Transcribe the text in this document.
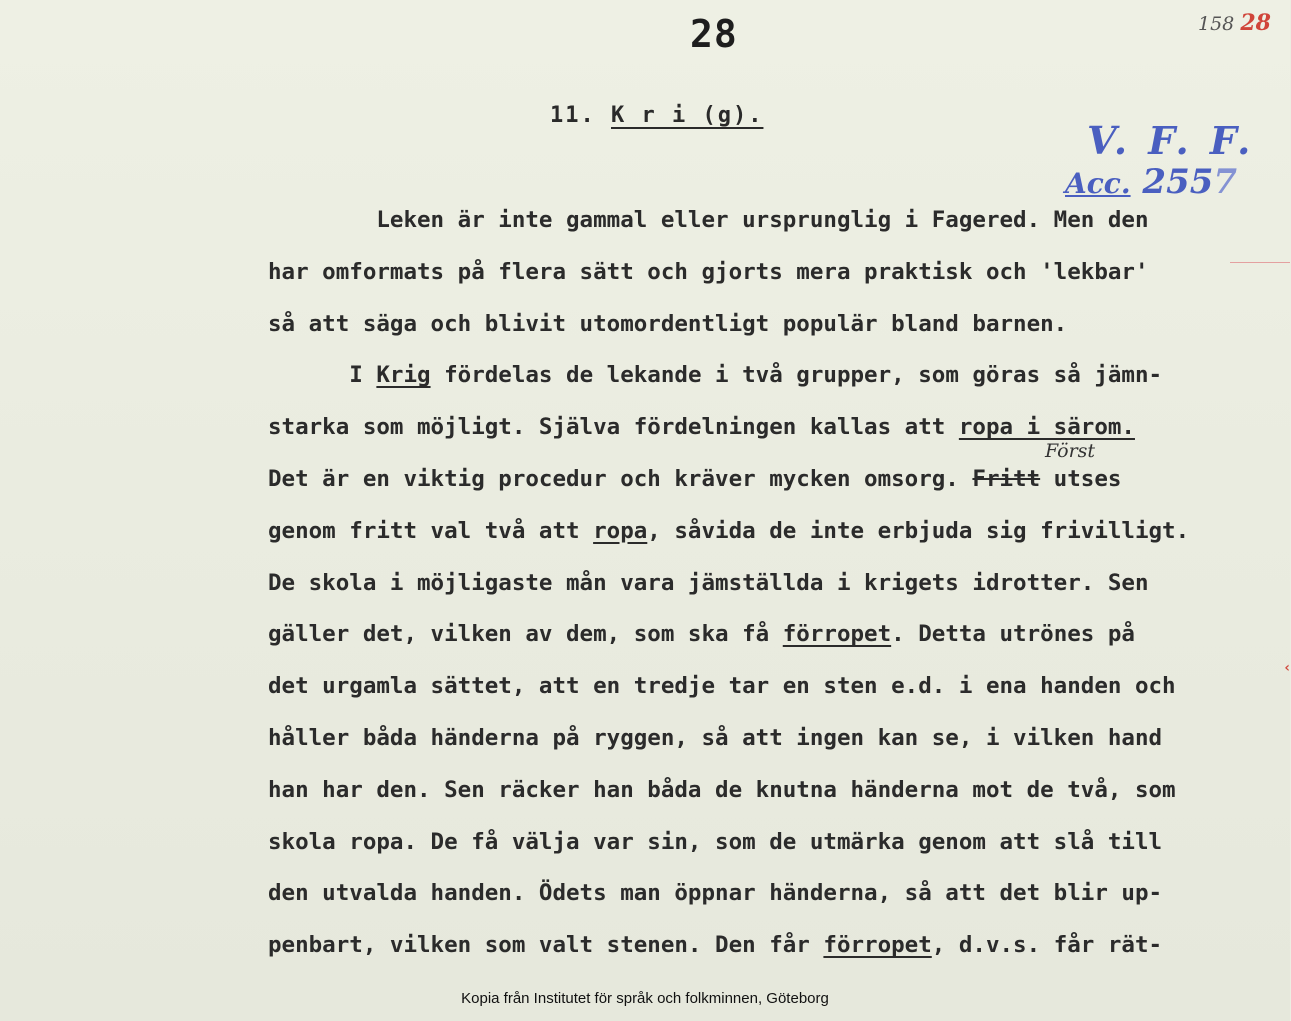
28	158 28
11. K r i (g).
V. F. F.
Acc. 2557
Först
Leken är inte gammal eller ursprunglig i Fagered. Men den
har omformats på flera sätt och gjorts mera praktisk och 'lekbar'
så att säga och blivit utomordentligt populär bland barnen.
I Krig fördelas de lekande i två grupper, som göras så jämn-
starka som möjligt. Själva fördelningen kallas att ropa i särom.
Det är en viktig procedur och kräver mycken omsorg. Fritt utses
genom fritt val två att ropa, såvida de inte erbjuda sig frivilligt.
De skola i möjligaste mån vara jämställda i krigets idrotter. Sen
gäller det, vilken av dem, som ska få förropet. Detta utrönes på
det urgamla sättet, att en tredje tar en sten e.d. i ena handen och
håller båda händerna på ryggen, så att ingen kan se, i vilken hand
han har den. Sen räcker han båda de knutna händerna mot de två, som
skola ropa. De få välja var sin, som de utmärka genom att slå till
den utvalda handen. Ödets man öppnar händerna, så att det blir up-
penbart, vilken som valt stenen. Den får förropet, d.v.s. får rät-
‹
Kopia från Institutet för språk och folkminnen, Göteborg
